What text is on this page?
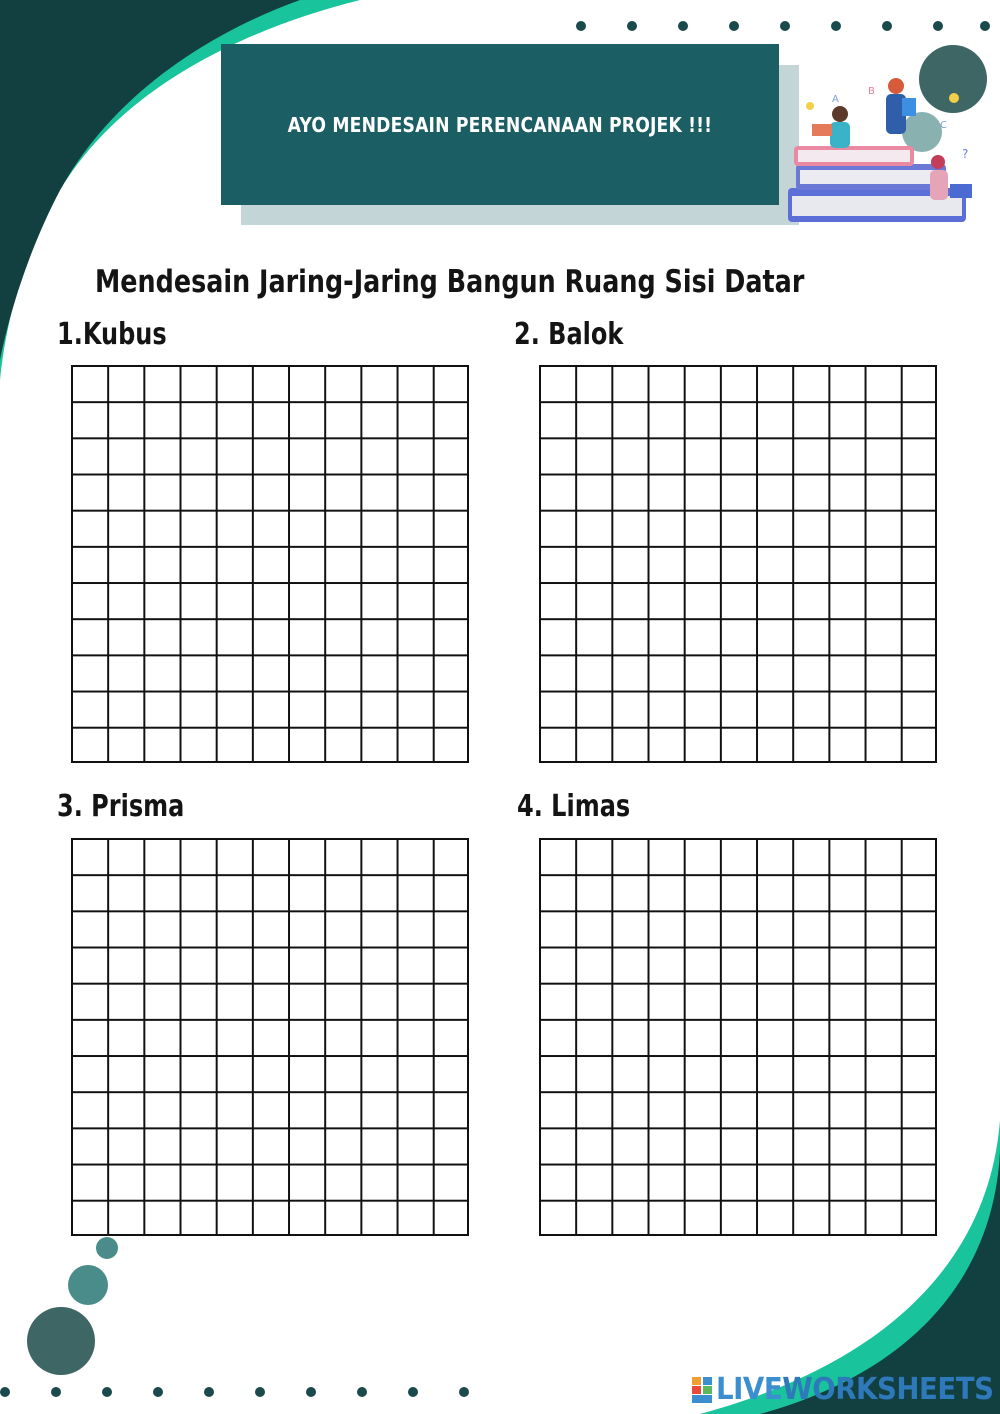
AYO MENDESAIN PERENCANAAN PROJEK !!!
A
B
C
?
Mendesain Jaring-Jaring Bangun Ruang Sisi Datar
1.Kubus	2. Balok
3. Prisma	4. Limas
LIVEWORKSHEETS
